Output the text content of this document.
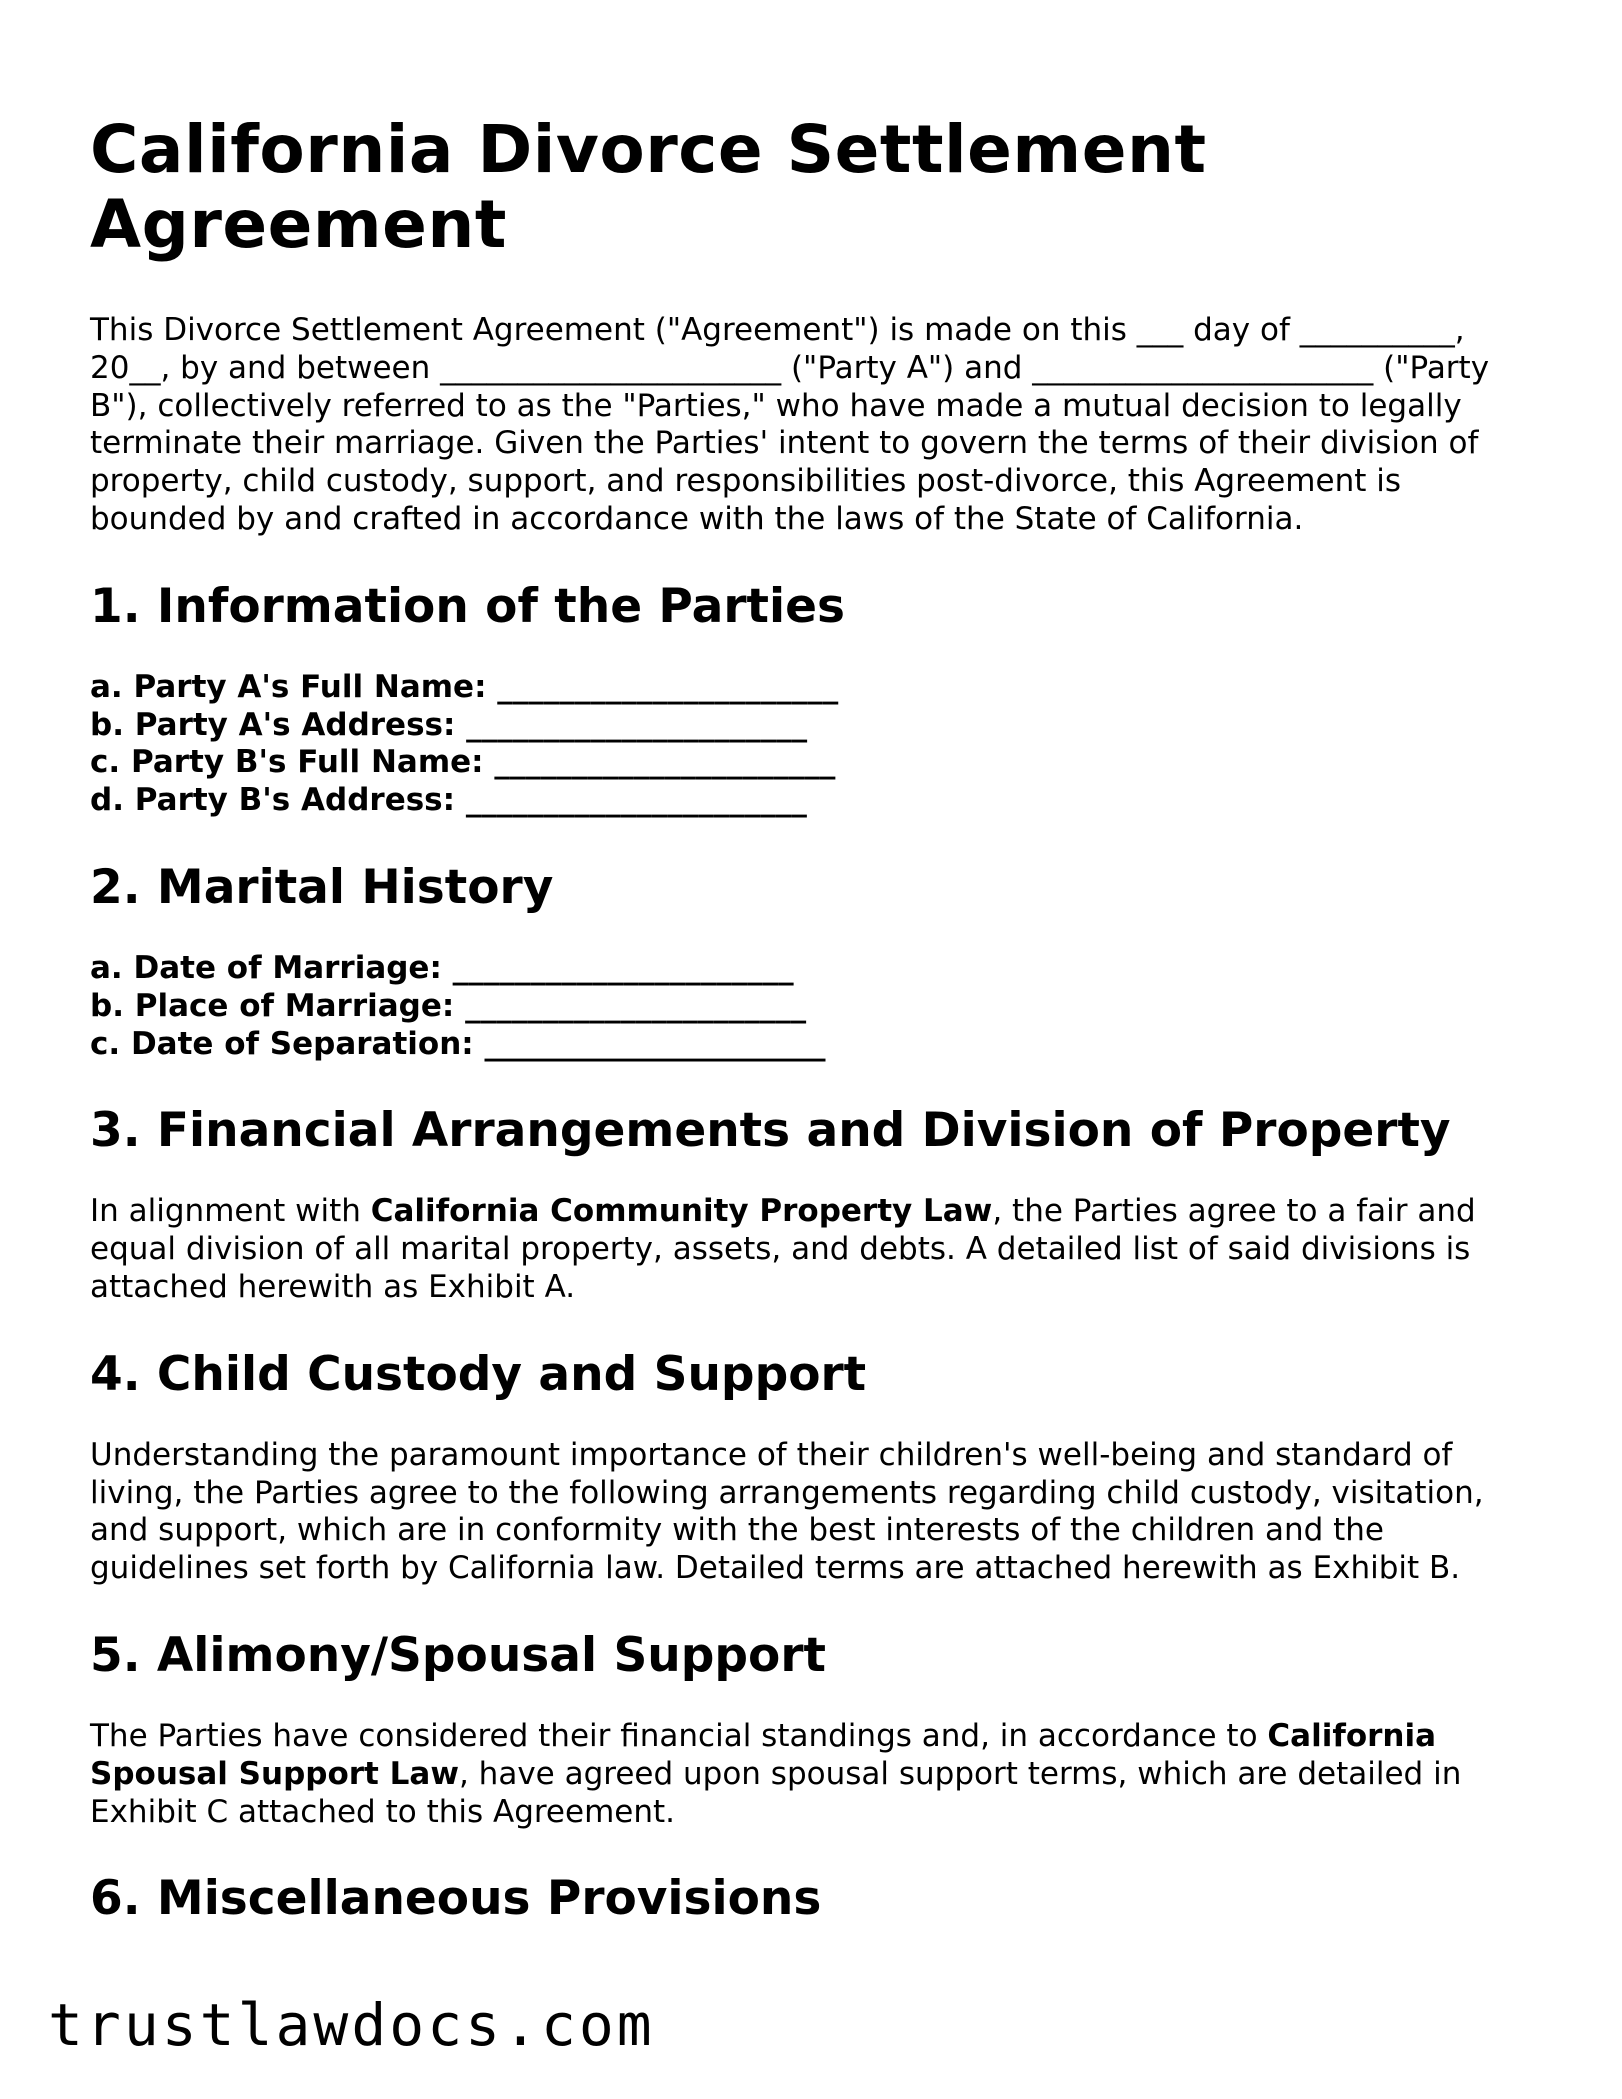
California Divorce Settlement Agreement

This Divorce Settlement Agreement ("Agreement") is made on this ___ day of __________, 20__, by and between ______________________ ("Party A") and ______________________ ("Party B"), collectively referred to as the "Parties," who have made a mutual decision to legally terminate their marriage. Given the Parties' intent to govern the terms of their division of property, child custody, support, and responsibilities post-divorce, this Agreement is bounded by and crafted in accordance with the laws of the State of California.

1. Information of the Parties
a. Party A's Full Name: ______________________
b. Party A's Address: ______________________
c. Party B's Full Name: ______________________
d. Party B's Address: ______________________
2. Marital History
a. Date of Marriage: ______________________
b. Place of Marriage: ______________________
c. Date of Separation: ______________________
3. Financial Arrangements and Division of Property

In alignment with California Community Property Law, the Parties agree to a fair and equal division of all marital property, assets, and debts. A detailed list of said divisions is attached herewith as Exhibit A.

4. Child Custody and Support

Understanding the paramount importance of their children's well-being and standard of living, the Parties agree to the following arrangements regarding child custody, visitation, and support, which are in conformity with the best interests of the children and the guidelines set forth by California law. Detailed terms are attached herewith as Exhibit B.

5. Alimony/Spousal Support

The Parties have considered their financial standings and, in accordance to California Spousal Support Law, have agreed upon spousal support terms, which are detailed in Exhibit C attached to this Agreement.

6. Miscellaneous Provisions
trustlawdocs.com
